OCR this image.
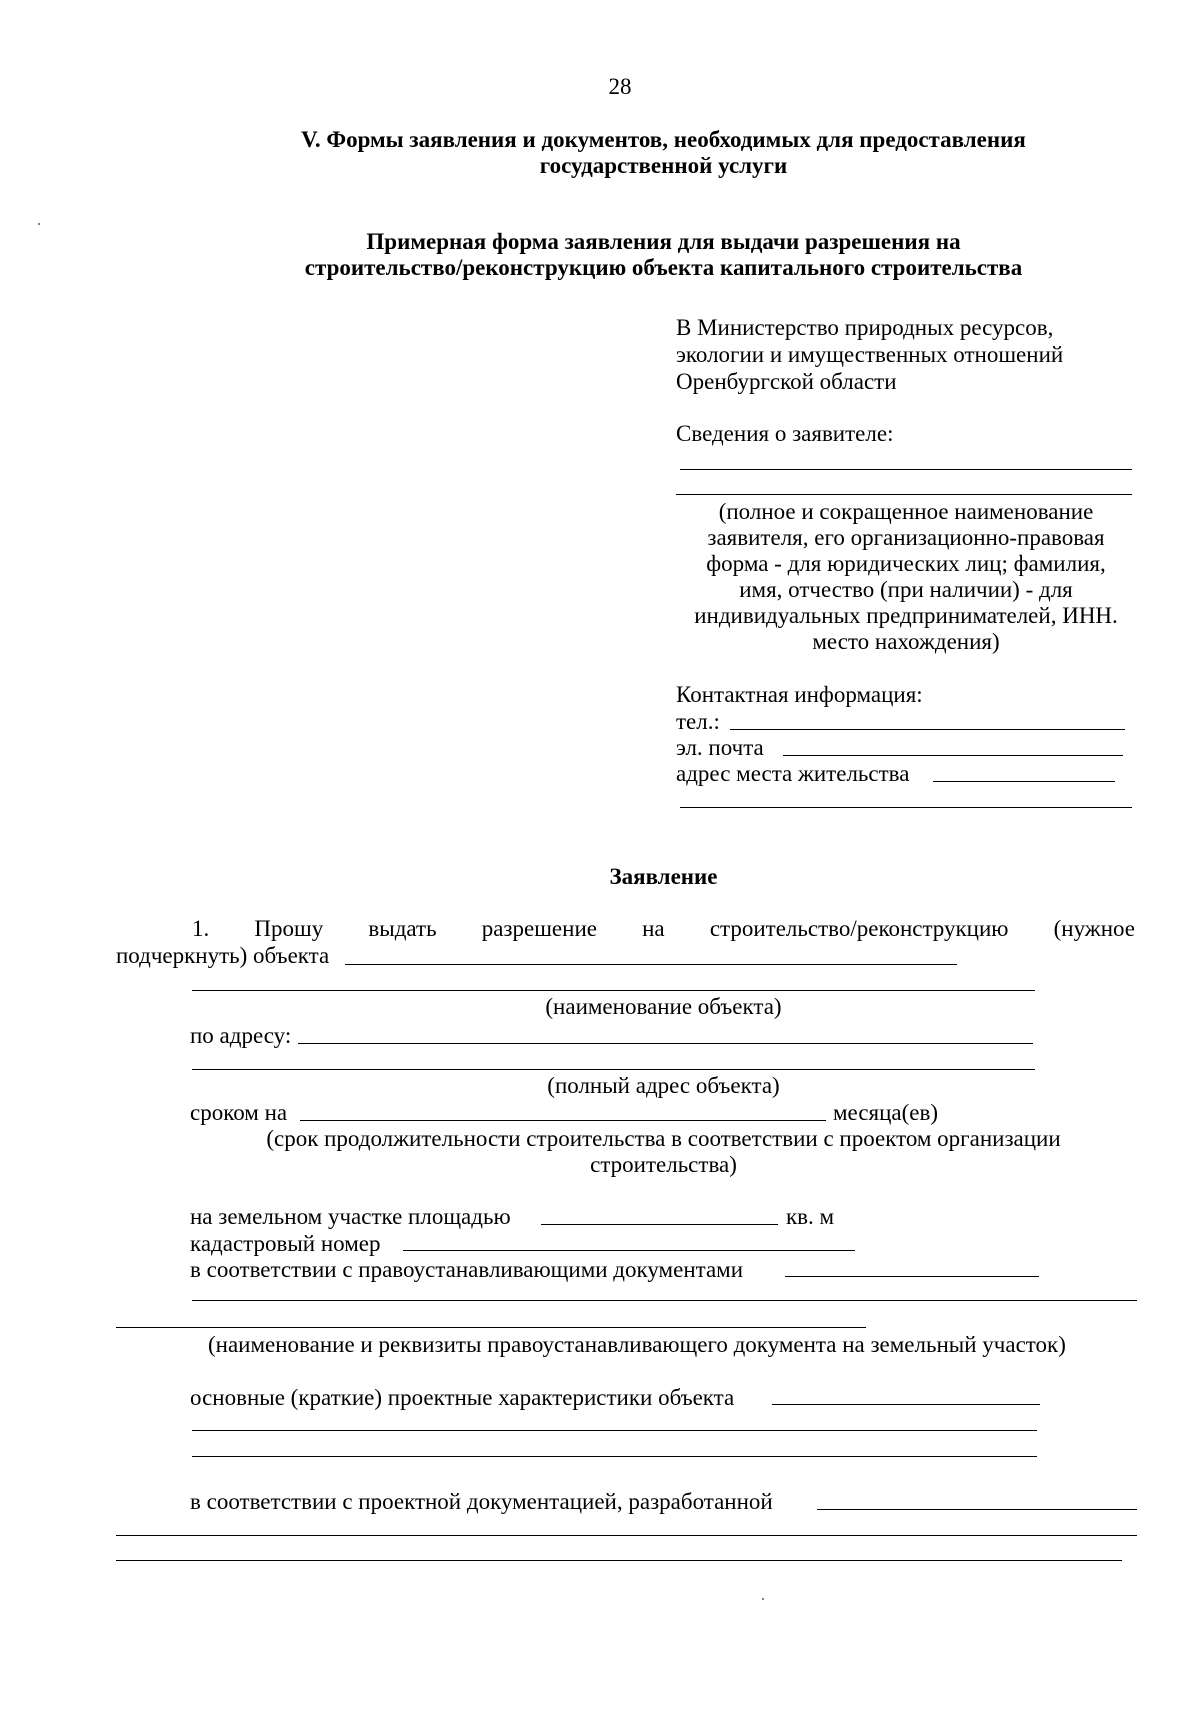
28
V. Формы заявления и документов, необходимых для предоставления
государственной услуги
Примерная форма заявления для выдачи разрешения на
строительство/реконструкцию объекта капитального строительства
В Министерство природных ресурсов,
экологии и имущественных отношений
Оренбургской области
Сведения о заявителе:
(полное и сокращенное наименование
заявителя, его организационно-правовая
форма - для юридических лиц; фамилия,
имя, отчество (при наличии) - для
индивидуальных предпринимателей, ИНН.
место нахождения)
Контактная информация:
тел.:
эл. почта
адрес места жительства
Заявление
1. Прошу выдать разрешение на строительство/реконструкцию (нужное
подчеркнуть) объекта
(наименование объекта)
по адресу:
(полный адрес объекта)
сроком на	месяца(ев)
(срок продолжительности строительства в соответствии с проектом организации
строительства)
на земельном участке площадью	кв. м
кадастровый номер
в соответствии с правоустанавливающими документами
(наименование и реквизиты правоустанавливающего документа на земельный участок)
основные (краткие) проектные характеристики объекта
в соответствии с проектной документацией, разработанной
